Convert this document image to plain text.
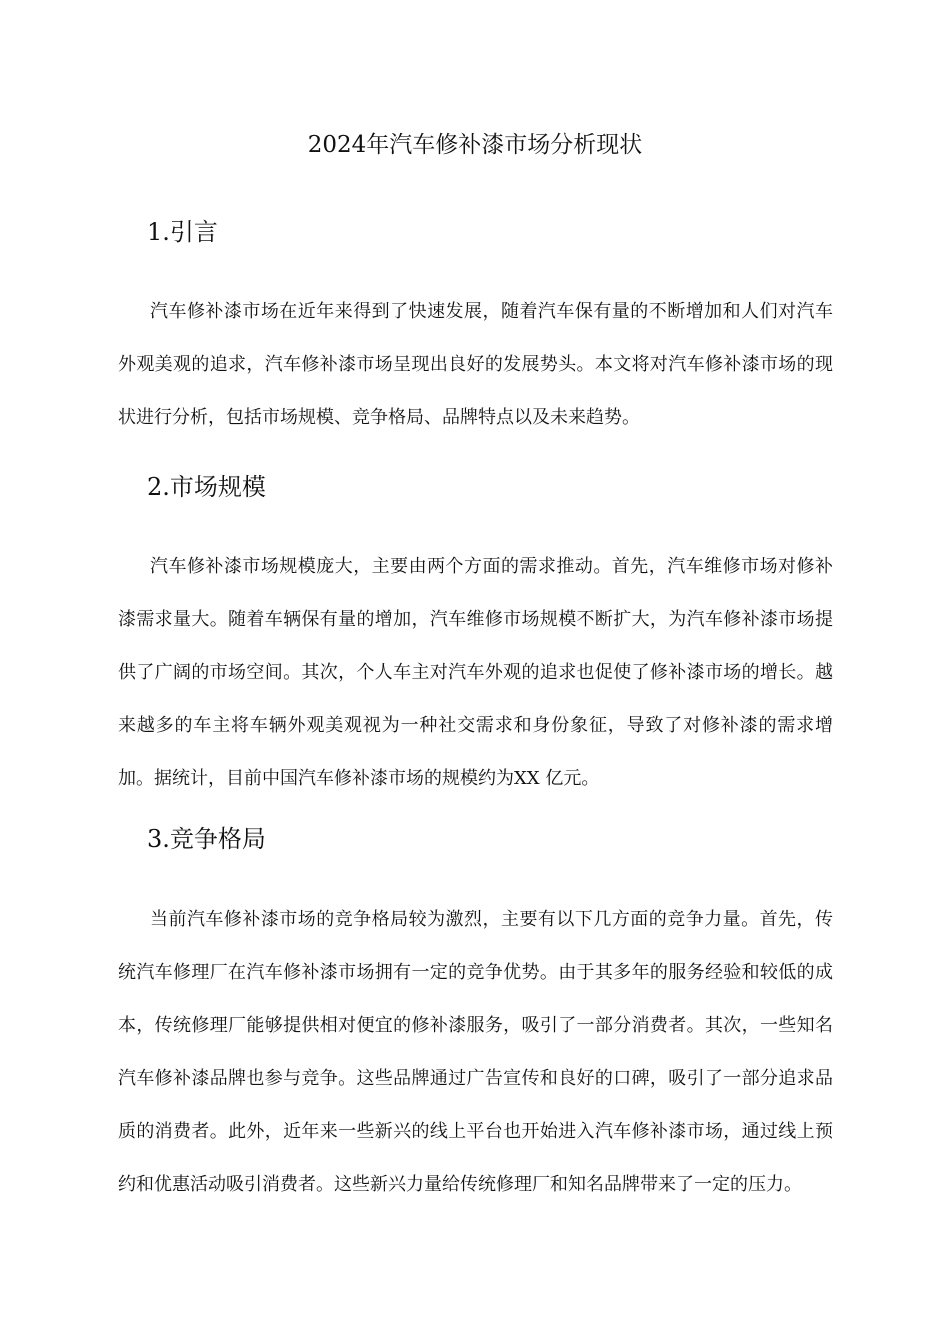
2024年汽车修补漆市场分析现状
1.引言

汽车修补漆市场在近年来得到了快速发展，随着汽车保有量的不断增加和人们对汽车外观美观的追求，汽车修补漆市场呈现出良好的发展势头。本文将对汽车修补漆市场的现状进行分析，包括市场规模、竞争格局、品牌特点以及未来趋势。

2.市场规模

汽车修补漆市场规模庞大，主要由两个方面的需求推动。首先，汽车维修市场对修补漆需求量大。随着车辆保有量的增加，汽车维修市场规模不断扩大，为汽车修补漆市场提供了广阔的市场空间。其次，个人车主对汽车外观的追求也促使了修补漆市场的增长。越来越多的车主将车辆外观美观视为一种社交需求和身份象征，导致了对修补漆的需求增加。据统计，目前中国汽车修补漆市场的规模约为XX 亿元。

3.竞争格局

当前汽车修补漆市场的竞争格局较为激烈，主要有以下几方面的竞争力量。首先，传统汽车修理厂在汽车修补漆市场拥有一定的竞争优势。由于其多年的服务经验和较低的成本，传统修理厂能够提供相对便宜的修补漆服务，吸引了一部分消费者。其次，一些知名汽车修补漆品牌也参与竞争。这些品牌通过广告宣传和良好的口碑，吸引了一部分追求品质的消费者。此外，近年来一些新兴的线上平台也开始进入汽车修补漆市场，通过线上预约和优惠活动吸引消费者。这些新兴力量给传统修理厂和知名品牌带来了一定的压力。
